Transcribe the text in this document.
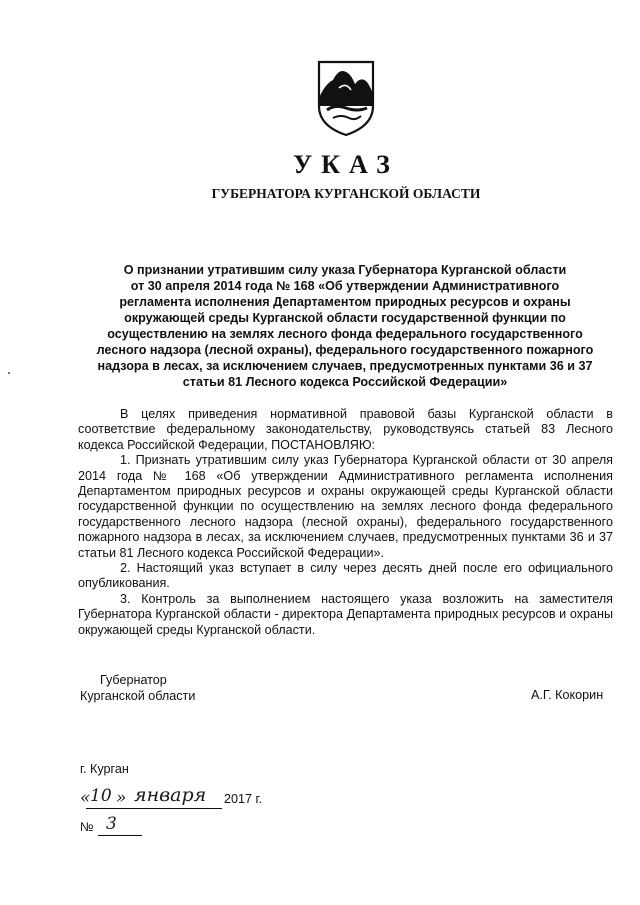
УКАЗ
ГУБЕРНАТОРА КУРГАНСКОЙ ОБЛАСТИ
О признании утратившим силу указа Губернатора Курганской области
от 30 апреля 2014 года № 168 «Об утверждении Административного
регламента исполнения Департаментом природных ресурсов и охраны
окружающей среды Курганской области государственной функции по
осуществлению на землях лесного фонда федерального государственного
лесного надзора (лесной охраны), федерального государственного пожарного
надзора в лесах, за исключением случаев, предусмотренных пунктами 36 и 37
статьи 81 Лесного кодекса Российской Федерации»

В целях приведения нормативной правовой базы Курганской области в соответствие федеральному законодательству, руководствуясь статьей 83 Лесного кодекса Российской Федерации, ПОСТАНОВЛЯЮ:

1. Признать утратившим силу указ Губернатора Курганской области от 30 апреля 2014 года № 168 «Об утверждении Административного регламента исполнения Департаментом природных ресурсов и охраны окружающей среды Курганской области государственной функции по осуществлению на землях лесного фонда федерального государственного лесного надзора (лесной охраны), федерального государственного пожарного надзора в лесах, за исключением случаев, предусмотренных пунктами 36 и 37 статьи 81 Лесного кодекса Российской Федерации».

2. Настоящий указ вступает в силу через десять дней после его официального опубликования.

3. Контроль за выполнением настоящего указа возложить на заместителя Губернатора Курганской области - директора Департамента природных ресурсов и охраны окружающей среды Курганской области.

Губернатор
Курганской области	А.Г. Кокорин
г. Курган
« 10 » января 2017 г.
№ 3
